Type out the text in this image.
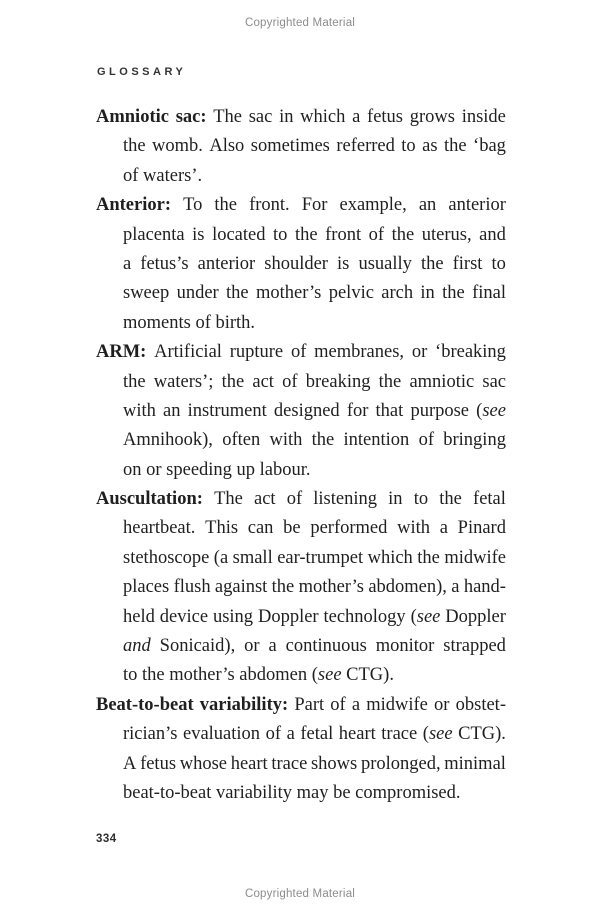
Copyrighted Material
GLOSSARY
Amniotic sac: The sac in which a fetus grows inside
the womb. Also sometimes referred to as the ‘bag
of waters’.
Anterior: To the front. For example, an anterior
placenta is located to the front of the uterus, and
a fetus’s anterior shoulder is usually the first to
sweep under the mother’s pelvic arch in the final
moments of birth.
ARM: Artificial rupture of membranes, or ‘breaking
the waters’; the act of breaking the amniotic sac
with an instrument designed for that purpose (see
Amnihook), often with the intention of bringing
on or speeding up labour.
Auscultation: The act of listening in to the fetal
heartbeat. This can be performed with a Pinard
stethoscope (a small ear-trumpet which the midwife
places flush against the mother’s abdomen), a hand-
held device using Doppler technology (see Doppler
and Sonicaid), or a continuous monitor strapped
to the mother’s abdomen (see CTG).
Beat-to-beat variability: Part of a midwife or obstet-
rician’s evaluation of a fetal heart trace (see CTG).
A fetus whose heart trace shows prolonged, minimal
beat-to-beat variability may be compromised.
334
Copyrighted Material
